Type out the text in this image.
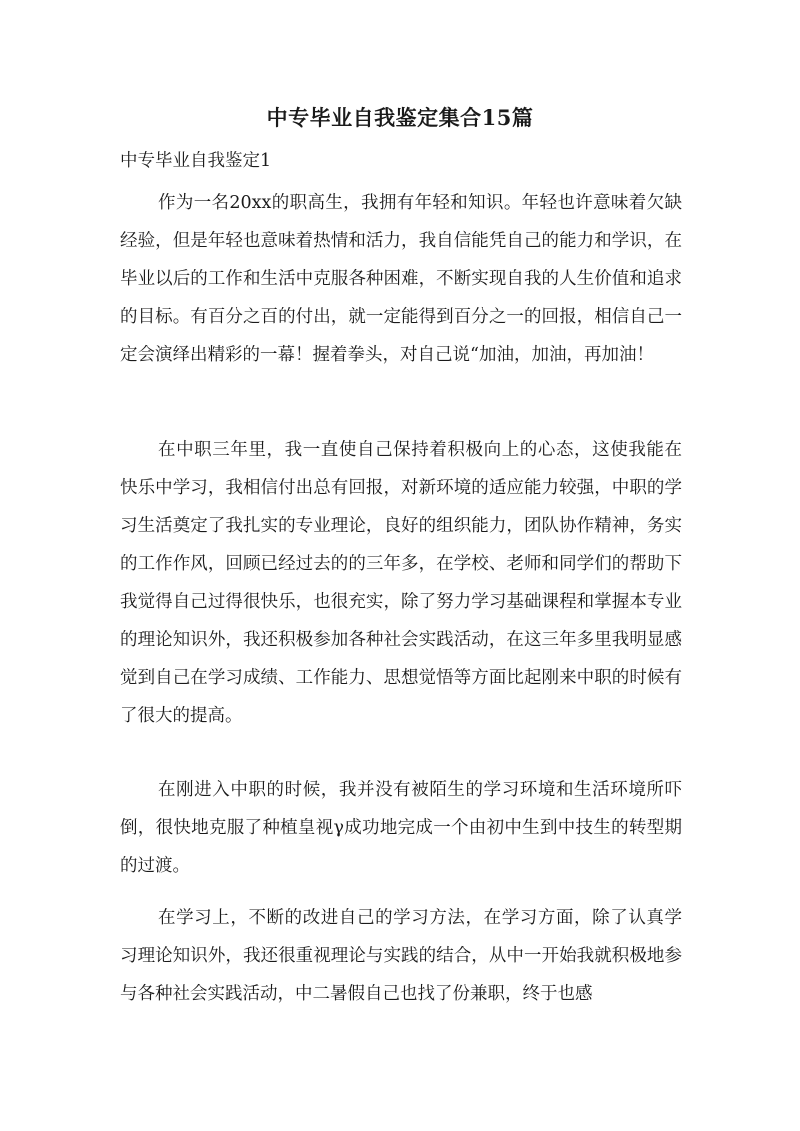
中专毕业自我鉴定集合15篇
中专毕业自我鉴定1

作为一名20xx的职高生，我拥有年轻和知识。年轻也许意味着欠缺经验，但是年轻也意味着热情和活力，我自信能凭自己的能力和学识，在毕业以后的工作和生活中克服各种困难，不断实现自我的人生价值和追求的目标。有百分之百的付出，就一定能得到百分之一的回报，相信自己一定会演绎出精彩的一幕！握着拳头，对自己说“加油，加油，再加油！

在中职三年里，我一直使自己保持着积极向上的心态，这使我能在快乐中学习，我相信付出总有回报，对新环境的适应能力较强，中职的学习生活奠定了我扎实的专业理论，良好的组织能力，团队协作精神，务实的工作作风，回顾已经过去的的三年多，在学校、老师和同学们的帮助下我觉得自己过得很快乐，也很充实，除了努力学习基础课程和掌握本专业的理论知识外，我还积极参加各种社会实践活动，在这三年多里我明显感觉到自己在学习成绩、工作能力、思想觉悟等方面比起刚来中职的时候有了很大的提高。

在刚进入中职的时候，我并没有被陌生的学习环境和生活环境所吓倒，很快地克服了种植皇视γ成功地完成一个由初中生到中技生的转型期的过渡。

在学习上，不断的改进自己的学习方法，在学习方面，除了认真学习理论知识外，我还很重视理论与实践的结合，从中一开始我就积极地参与各种社会实践活动，中二暑假自己也找了份兼职，终于也感
